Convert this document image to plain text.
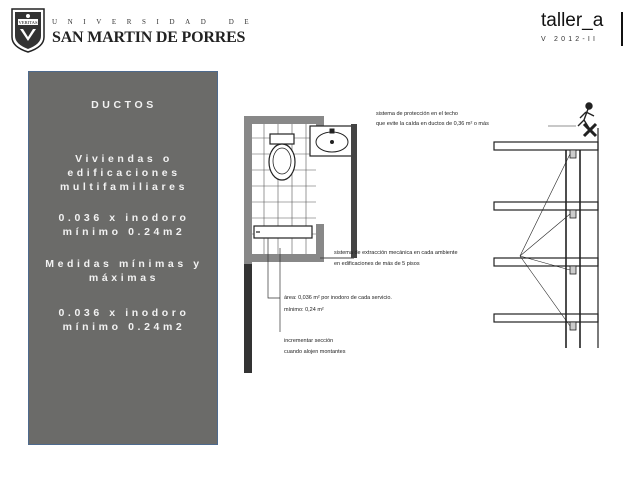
VERITAS UNIVERSIDAD DE
SAN MARTIN DE PORRES
taller_a
V 2012-II
DUCTOS
Viviendas o
edificaciones
multifamiliares
0.036 x inodoro
mínimo 0.24m2
Medidas mínimas y
máximas
0.036 x inodoro
mínimo 0.24m2
sistema de protección en el techo
que evite la caída en ductos de 0,36 m² o más
sistema de extracción mecánica en cada ambiente
en edificaciones de más de 5 pisos
área: 0,036 m² por inodoro de cada servicio.
mínimo: 0,24 m²
incrementar sección
cuando alojen montantes
